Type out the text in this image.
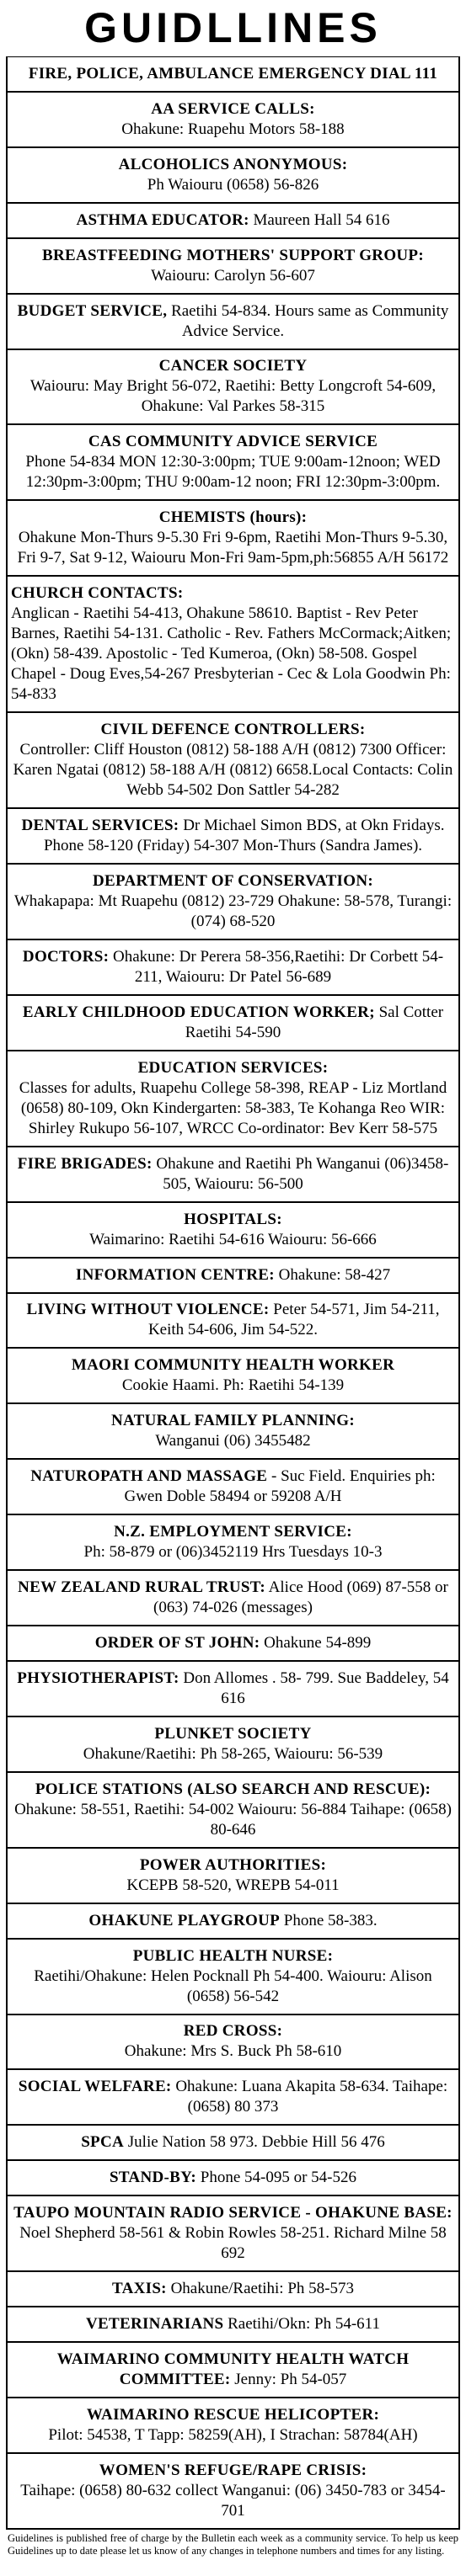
GUIDLLINES
FIRE, POLICE, AMBULANCE EMERGENCY DIAL 111
AA SERVICE CALLS:
Ohakune: Ruapehu Motors 58-188
ALCOHOLICS ANONYMOUS:
Ph Waiouru (0658) 56-826
ASTHMA EDUCATOR: Maureen Hall 54 616
BREASTFEEDING MOTHERS' SUPPORT GROUP: Waiouru: Carolyn 56-607
BUDGET SERVICE, Raetihi 54-834. Hours same as Community Advice Service.
CANCER SOCIETY
Waiouru: May Bright 56-072, Raetihi: Betty Longcroft 54-609, Ohakune: Val Parkes 58-315
CAS COMMUNITY ADVICE SERVICE
Phone 54-834 MON 12:30-3:00pm; TUE 9:00am-12noon; WED 12:30pm-3:00pm; THU 9:00am-12 noon; FRI 12:30pm-3:00pm.
CHEMISTS (hours):
Ohakune Mon-Thurs 9-5.30 Fri 9-6pm, Raetihi Mon-Thurs 9-5.30, Fri 9-7, Sat 9-12, Waiouru Mon-Fri 9am-5pm,ph:56855 A/H 56172
CHURCH CONTACTS:
Anglican - Raetihi 54-413, Ohakune 58610. Baptist - Rev Peter Barnes, Raetihi 54-131. Catholic - Rev. Fathers McCormack;Aitken; (Okn) 58-439. Apostolic - Ted Kumeroa, (Okn) 58-508. Gospel Chapel - Doug Eves,54-267 Presbyterian - Cec & Lola Goodwin Ph: 54-833
CIVIL DEFENCE CONTROLLERS:
Controller: Cliff Houston (0812) 58-188 A/H (0812) 7300 Officer: Karen Ngatai (0812) 58-188 A/H (0812) 6658.Local Contacts: Colin Webb 54-502 Don Sattler 54-282
DENTAL SERVICES: Dr Michael Simon BDS, at Okn Fridays. Phone 58-120 (Friday) 54-307 Mon-Thurs (Sandra James).
DEPARTMENT OF CONSERVATION:
Whakapapa: Mt Ruapehu (0812) 23-729 Ohakune: 58-578, Turangi: (074) 68-520
DOCTORS: Ohakune: Dr Perera 58-356,Raetihi: Dr Corbett 54-211, Waiouru: Dr Patel 56-689
EARLY CHILDHOOD EDUCATION WORKER; Sal Cotter Raetihi 54-590
EDUCATION SERVICES:
Classes for adults, Ruapehu College 58-398, REAP - Liz Mortland (0658) 80-109, Okn Kindergarten: 58-383, Te Kohanga Reo WIR: Shirley Rukupo 56-107, WRCC Co-ordinator: Bev Kerr 58-575
FIRE BRIGADES: Ohakune and Raetihi Ph Wanganui (06)3458-505, Waiouru: 56-500
HOSPITALS:
Waimarino: Raetihi 54-616 Waiouru: 56-666
INFORMATION CENTRE: Ohakune: 58-427
LIVING WITHOUT VIOLENCE: Peter 54-571, Jim 54-211, Keith 54-606, Jim 54-522.
MAORI COMMUNITY HEALTH WORKER
Cookie Haami. Ph: Raetihi 54-139
NATURAL FAMILY PLANNING:
Wanganui (06) 3455482
NATUROPATH AND MASSAGE - Suc Field. Enquiries ph: Gwen Doble 58494 or 59208 A/H
N.Z. EMPLOYMENT SERVICE:
Ph: 58-879 or (06)3452119 Hrs Tuesdays 10-3
NEW ZEALAND RURAL TRUST: Alice Hood (069) 87-558 or (063) 74-026 (messages)
ORDER OF ST JOHN: Ohakune 54-899
PHYSIOTHERAPIST: Don Allomes . 58- 799. Sue Baddeley, 54 616
PLUNKET SOCIETY
Ohakune/Raetihi: Ph 58-265, Waiouru: 56-539
POLICE STATIONS (ALSO SEARCH AND RESCUE):
Ohakune: 58-551, Raetihi: 54-002 Waiouru: 56-884 Taihape: (0658) 80-646
POWER AUTHORITIES:
KCEPB 58-520, WREPB 54-011
OHAKUNE PLAYGROUP Phone 58-383.
PUBLIC HEALTH NURSE:
Raetihi/Ohakune: Helen Pocknall Ph 54-400. Waiouru: Alison (0658) 56-542
RED CROSS:
Ohakune: Mrs S. Buck Ph 58-610
SOCIAL WELFARE: Ohakune: Luana Akapita 58-634. Taihape: (0658) 80 373
SPCA Julie Nation 58 973. Debbie Hill 56 476
STAND-BY: Phone 54-095 or 54-526
TAUPO MOUNTAIN RADIO SERVICE - OHAKUNE BASE: Noel Shepherd 58-561 & Robin Rowles 58-251. Richard Milne 58 692
TAXIS: Ohakune/Raetihi: Ph 58-573
VETERINARIANS Raetihi/Okn: Ph 54-611
WAIMARINO COMMUNITY HEALTH WATCH COMMITTEE: Jenny: Ph 54-057
WAIMARINO RESCUE HELICOPTER:
Pilot: 54538, T Tapp: 58259(AH), I Strachan: 58784(AH)
WOMEN'S REFUGE/RAPE CRISIS:
Taihape: (0658) 80-632 collect Wanganui: (06) 3450-783 or 3454-701
Guidelines is published free of charge by the Bulletin each week as a community service. To help us keep Guidelines up to date please let us know of any changes in telephone numbers and times for any listing.
